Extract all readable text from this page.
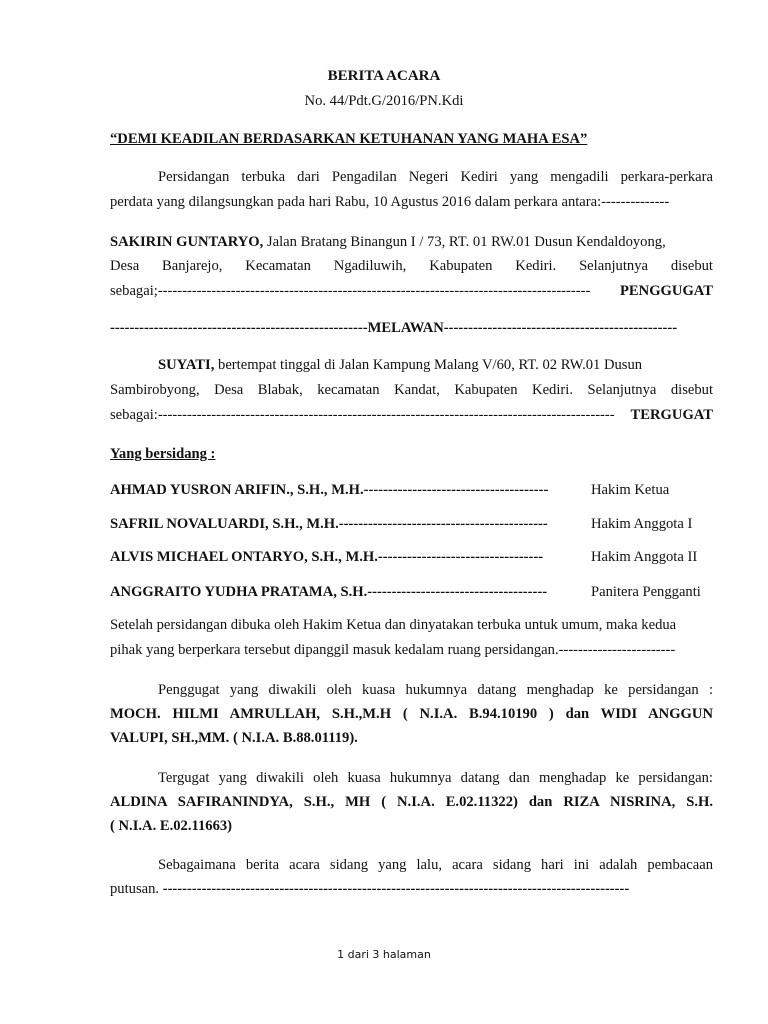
BERITA ACARA
No. 44/Pdt.G/2016/PN.Kdi
“DEMI KEADILAN BERDASARKAN KETUHANAN YANG MAHA ESA”
Persidangan terbuka dari Pengadilan Negeri Kediri yang mengadili perkara-perkara
perdata yang dilangsungkan pada hari Rabu, 10 Agustus 2016 dalam perkara antara:--------------
SAKIRIN GUNTARYO, Jalan Bratang Binangun I / 73, RT. 01 RW.01 Dusun Kendaldoyong,
Desa Banjarejo, Kecamatan Ngadiluwih, Kabupaten Kediri. Selanjutnya disebut
sebagai;----------------------------------------------------------------------------------------- PENGGUGAT
-----------------------------------------------------MELAWAN------------------------------------------------
SUYATI, bertempat tinggal di Jalan Kampung Malang V/60, RT. 02 RW.01 Dusun
Sambirobyong, Desa Blabak, kecamatan Kandat, Kabupaten Kediri. Selanjutnya disebut
sebagai:---------------------------------------------------------------------------------------------- TERGUGAT
Yang bersidang :
AHMAD YUSRON ARIFIN., S.H., M.H.--------------------------------------	Hakim Ketua
SAFRIL NOVALUARDI, S.H., M.H.-------------------------------------------	Hakim Anggota I
ALVIS MICHAEL ONTARYO, S.H., M.H.----------------------------------	Hakim Anggota II
ANGGRAITO YUDHA PRATAMA, S.H.-------------------------------------	Panitera Pengganti
Setelah persidangan dibuka oleh Hakim Ketua dan dinyatakan terbuka untuk umum, maka kedua
pihak yang berperkara tersebut dipanggil masuk kedalam ruang persidangan.------------------------
Penggugat yang diwakili oleh kuasa hukumnya datang menghadap ke persidangan :
MOCH. HILMI AMRULLAH, S.H.,M.H ( N.I.A. B.94.10190 ) dan WIDI ANGGUN
VALUPI, SH.,MM. ( N.I.A. B.88.01119).
Tergugat yang diwakili oleh kuasa hukumnya datang dan menghadap ke persidangan:
ALDINA SAFIRANINDYA, S.H., MH ( N.I.A. E.02.11322) dan RIZA NISRINA, S.H.
( N.I.A. E.02.11663)
Sebagaimana berita acara sidang yang lalu, acara sidang hari ini adalah pembacaan
putusan. ------------------------------------------------------------------------------------------------
1 dari 3 halaman
